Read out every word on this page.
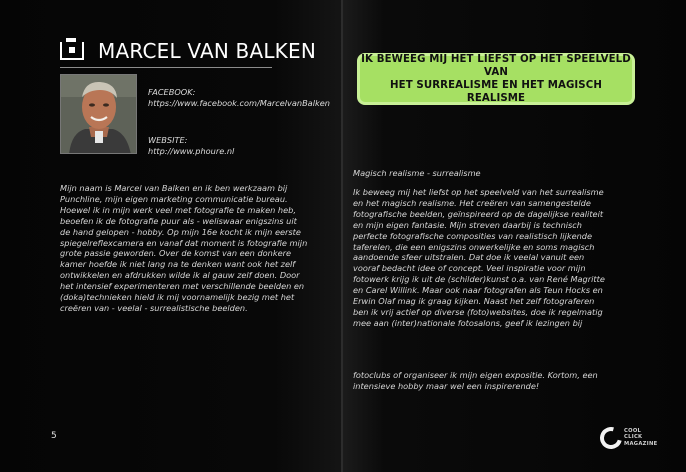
MARCEL VAN BALKEN
FACEBOOK:
https://www.facebook.com/MarcelvanBalken
WEBSITE:
http://www.phoure.nl

Mijn naam is Marcel van Balken en ik ben werkzaam bij Punchline, mijn eigen marketing communicatie bureau. Hoewel ik in mijn werk veel met fotografie te maken heb, beoefen ik de fotografie puur als - weliswaar enigszins uit de hand gelopen - hobby. Op mijn 16e kocht ik mijn eerste spiegelreflexcamera en vanaf dat moment is fotografie mijn grote passie geworden. Over de komst van een donkere kamer hoefde ik niet lang na te denken want ook het zelf ontwikkelen en afdrukken wilde ik al gauw zelf doen. Door het intensief experimenteren met verschillende beelden en (doka)technieken hield ik mij voornamelijk bezig met het creëren van - veelal - surrealistische beelden.

5
IK BEWEEG MIJ HET LIEFST OP HET SPEELVELD VAN
HET SURREALISME EN HET MAGISCH REALISME
Magisch realisme - surrealisme

Ik beweeg mij het liefst op het speelveld van het surrealisme en het magisch realisme. Het creëren van samengestelde fotografische beelden, geïnspireerd op de dagelijkse realiteit en mijn eigen fantasie. Mijn streven daarbij is technisch perfecte fotografische composities van realistisch lijkende taferelen, die een enigszins onwerkelijke en soms magisch aandoende sfeer uitstralen. Dat doe ik veelal vanuit een vooraf bedacht idee of concept. Veel inspiratie voor mijn fotowerk krijg ik uit de (schilder)kunst o.a. van René Magritte en Carel Willink. Maar ook naar fotografen als Teun Hocks en Erwin Olaf mag ik graag kijken. Naast het zelf fotograferen ben ik vrij actief op diverse (foto)websites, doe ik regelmatig mee aan (inter)nationale fotosalons, geef ik lezingen bij

fotoclubs of organiseer ik mijn eigen expositie. Kortom, een intensieve hobby maar wel een inspirerende!

COOL
CLICK
MAGAZINE
